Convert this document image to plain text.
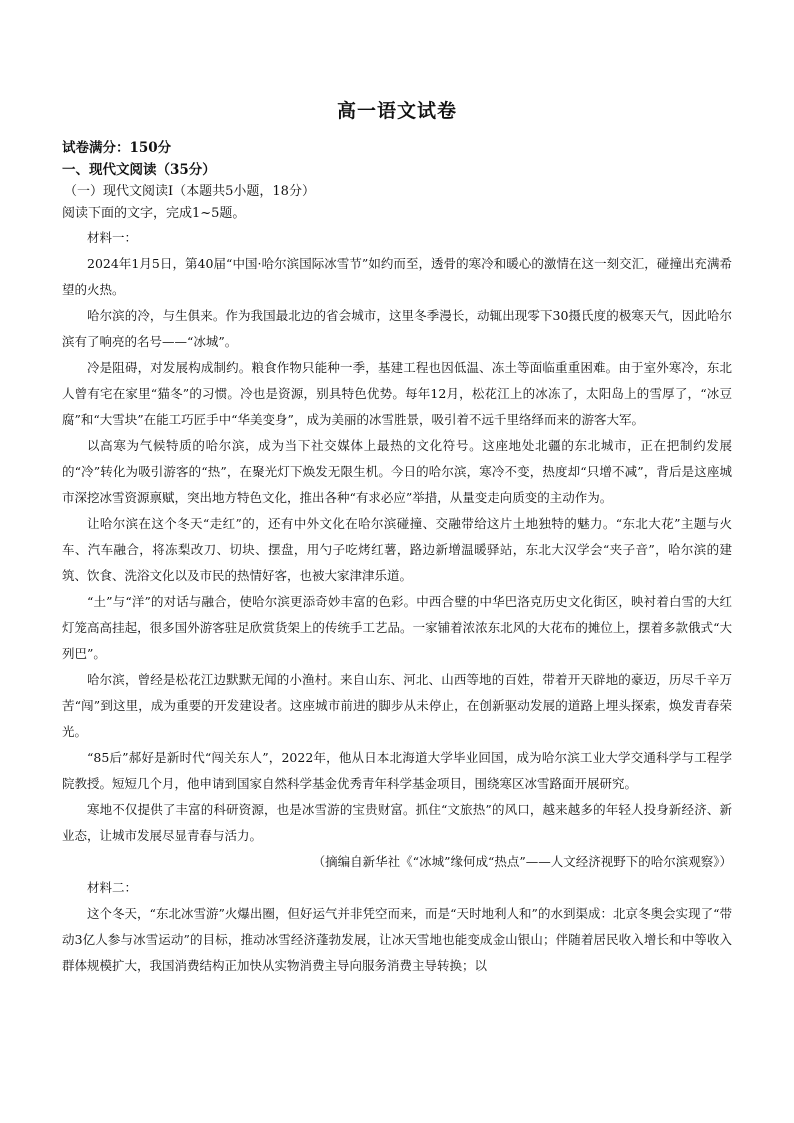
高一语文试卷

试卷满分：150分

一、现代文阅读（35分）

（一）现代文阅读Ⅰ（本题共5小题，18分）

阅读下面的文字，完成1~5题。

材料一：

2024年1月5日，第40届“中国·哈尔滨国际冰雪节”如约而至，透骨的寒冷和暖心的激情在这一刻交汇，碰撞出充满希望的火热。

哈尔滨的冷，与生俱来。作为我国最北边的省会城市，这里冬季漫长，动辄出现零下30摄氏度的极寒天气，因此哈尔滨有了响亮的名号——“冰城”。

冷是阻碍，对发展构成制约。粮食作物只能种一季，基建工程也因低温、冻土等面临重重困难。由于室外寒冷，东北人曾有宅在家里“猫冬”的习惯。冷也是资源，别具特色优势。每年12月，松花江上的冰冻了，太阳岛上的雪厚了，“冰豆腐”和“大雪块”在能工巧匠手中“华美变身”，成为美丽的冰雪胜景，吸引着不远千里络绎而来的游客大军。

以高寒为气候特质的哈尔滨，成为当下社交媒体上最热的文化符号。这座地处北疆的东北城市，正在把制约发展的“冷”转化为吸引游客的“热”，在聚光灯下焕发无限生机。今日的哈尔滨，寒冷不变，热度却“只增不减”，背后是这座城市深挖冰雪资源禀赋，突出地方特色文化，推出各种“有求必应”举措，从量变走向质变的主动作为。

让哈尔滨在这个冬天“走红”的，还有中外文化在哈尔滨碰撞、交融带给这片土地独特的魅力。“东北大花”主题与火车、汽车融合，将冻梨改刀、切块、摆盘，用勺子吃烤红薯，路边新增温暖驿站，东北大汉学会“夹子音”，哈尔滨的建筑、饮食、洗浴文化以及市民的热情好客，也被大家津津乐道。

“土”与“洋”的对话与融合，使哈尔滨更添奇妙丰富的色彩。中西合璧的中华巴洛克历史文化街区，映衬着白雪的大红灯笼高高挂起，很多国外游客驻足欣赏货架上的传统手工艺品。一家铺着浓浓东北风的大花布的摊位上，摆着多款俄式“大列巴”。

哈尔滨，曾经是松花江边默默无闻的小渔村。来自山东、河北、山西等地的百姓，带着开天辟地的豪迈，历尽千辛万苦“闯”到这里，成为重要的开发建设者。这座城市前进的脚步从未停止，在创新驱动发展的道路上埋头探索，焕发青春荣光。

“85后”郝好是新时代“闯关东人”，2022年，他从日本北海道大学毕业回国，成为哈尔滨工业大学交通科学与工程学院教授。短短几个月，他申请到国家自然科学基金优秀青年科学基金项目，围绕寒区冰雪路面开展研究。

寒地不仅提供了丰富的科研资源，也是冰雪游的宝贵财富。抓住“文旅热”的风口，越来越多的年轻人投身新经济、新业态，让城市发展尽显青春与活力。

（摘编自新华社《“冰城”缘何成“热点”——人文经济视野下的哈尔滨观察》）

材料二：

这个冬天，“东北冰雪游”火爆出圈，但好运气并非凭空而来，而是“天时地利人和”的水到渠成：北京冬奥会实现了“带动3亿人参与冰雪运动”的目标，推动冰雪经济蓬勃发展，让冰天雪地也能变成金山银山；伴随着居民收入增长和中等收入群体规模扩大，我国消费结构正加快从实物消费主导向服务消费主导转换；以
